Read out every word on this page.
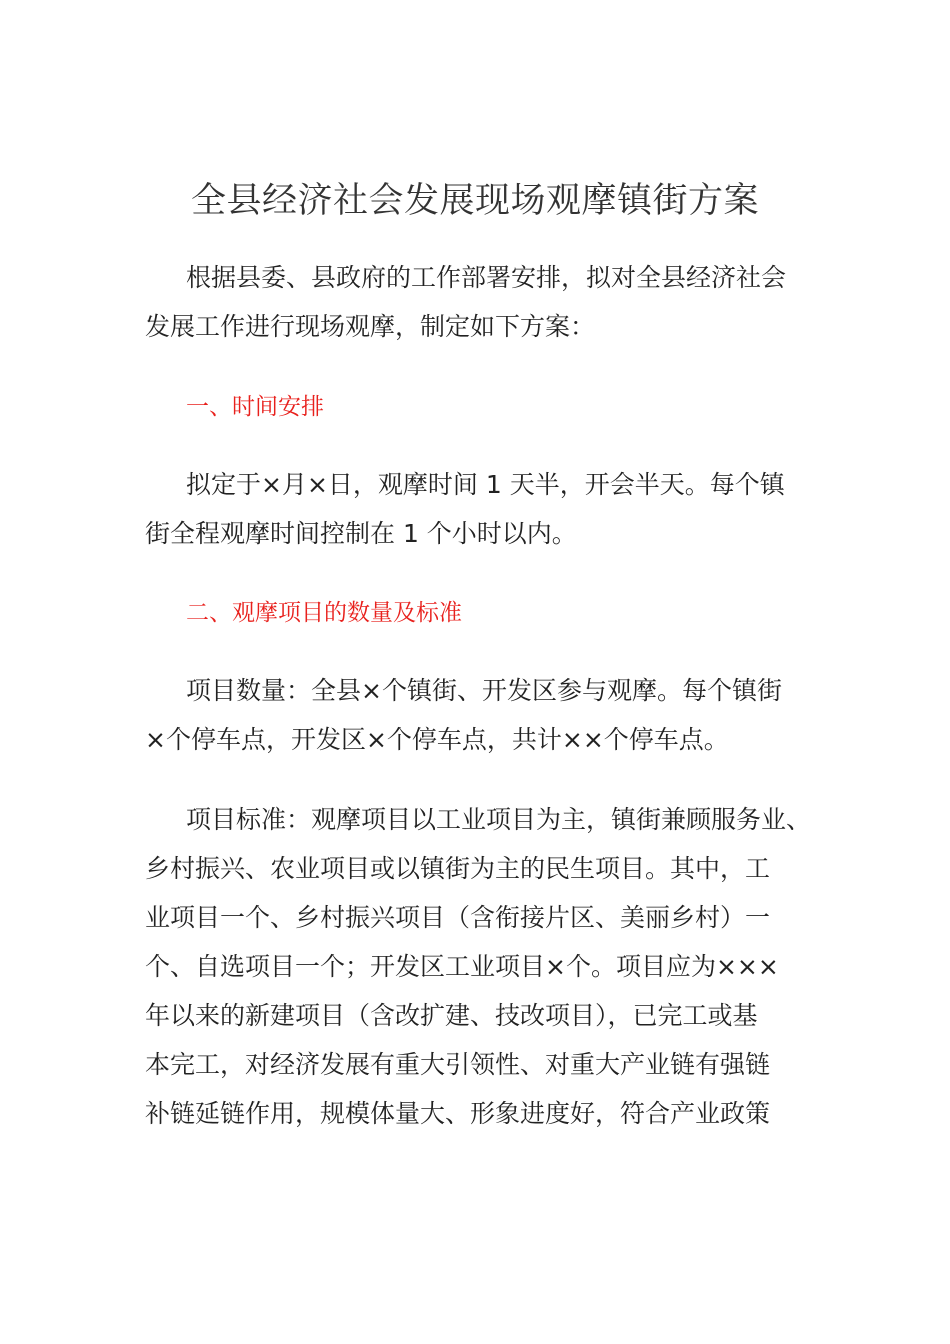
全县经济社会发展现场观摩镇街方案
根据县委、县政府的工作部署安排，拟对全县经济社会
发展工作进行现场观摩，制定如下方案：
一、时间安排
拟定于×月×日，观摩时间 1 天半，开会半天。每个镇
街全程观摩时间控制在 1 个小时以内。
二、观摩项目的数量及标准
项目数量：全县×个镇街、开发区参与观摩。每个镇街
×个停车点，开发区×个停车点，共计××个停车点。
项目标准：观摩项目以工业项目为主，镇街兼顾服务业、
乡村振兴、农业项目或以镇街为主的民生项目。其中，工
业项目一个、乡村振兴项目（含衔接片区、美丽乡村）一
个、自选项目一个；开发区工业项目×个。项目应为×××
年以来的新建项目（含改扩建、技改项目），已完工或基
本完工，对经济发展有重大引领性、对重大产业链有强链
补链延链作用，规模体量大、形象进度好，符合产业政策
